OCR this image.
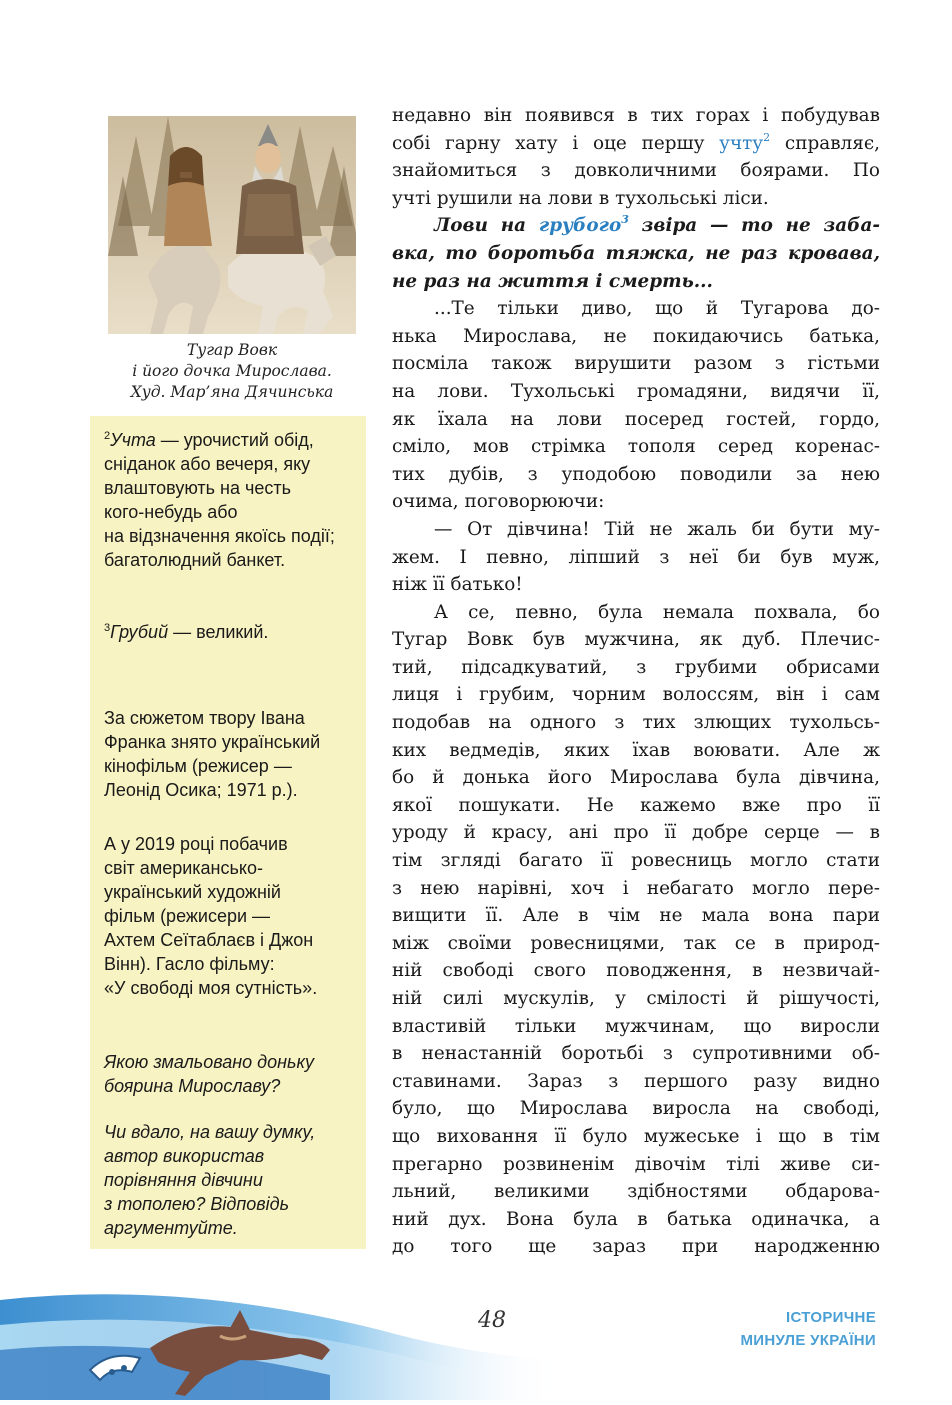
Тугар Вовк
і його дочка Мирослава.
Худ. Мар’яна Дячинська
$^2$Учта — урочистий обід,
сніданок або вечеря, яку
влаштовують на честь
кого-небудь або
на відзначення якоїсь події;
багатолюдний банкет.
$^3$Грубий — великий.
За сюжетом твору Івана
Франка знято український
кінофільм (режисер —
Леонід Осика; 1971 р.).
А у 2019 році побачив
світ американсько-
український художній
фільм (режисери —
Ахтем Сеїтаблаєв і Джон
Вінн). Гасло фільму:
«У свободі моя сутність».
Якою змальовано доньку
боярина Мирославу?
Чи вдало, на вашу думку,
автор використав
порівняння дівчини
з тополею? Відповідь
аргументуйте.
недавно він появився в тих горах і побудував
собі гарну хату і оце першу учту$^2$ справляє,
знайомиться з довколичними боярами. По
учті рушили на лови в тухольські ліси.
Лови на грубого$^3$ звіра — то не заба-
вка, то боротьба тяжка, не раз кровава,
не раз на життя і смерть...
...Те тільки диво, що й Тугарова до-
нька Мирослава, не покидаючись батька,
посміла також вирушити разом з гістьми
на лови. Тухольські громадяни, видячи її,
як їхала на лови посеред гостей, гордо,
сміло, мов стрімка тополя серед коренас-
тих дубів, з уподобою поводили за нею
очима, поговорюючи:
— От дівчина! Тій не жаль би бути му-
жем. І певно, ліпший з неї би був муж,
ніж її батько!
А се, певно, була немала похвала, бо
Тугар Вовк був мужчина, як дуб. Плечис-
тий, підсадкуватий, з грубими обрисами
лиця і грубим, чорним волоссям, він і сам
подобав на одного з тих злющих тухольсь-
ких ведмедів, яких їхав воювати. Але ж
бо й донька його Мирослава була дівчина,
якої пошукати. Не кажемо вже про її
уроду й красу, ані про її добре серце — в
тім згляді багато її ровесниць могло стати
з нею нарівні, хоч і небагато могло пере-
вищити її. Але в чім не мала вона пари
між своїми ровесницями, так се в природ-
ній свободі свого поводження, в незвичай-
ній силі мускулів, у смілості й рішучості,
властивій тільки мужчинам, що виросли
в ненастанній боротьбі з супротивними об-
ставинами. Зараз з першого разу видно
було, що Мирослава виросла на свободі,
що виховання її було мужеське і що в тім
прегарно розвиненім дівочім тілі живе си-
льний, великими здібностями обдарова-
ний дух. Вона була в батька одиначка, а
до того ще зараз при народженню
48	ІСТОРИЧНЕ
МИНУЛЕ УКРАЇНИ
